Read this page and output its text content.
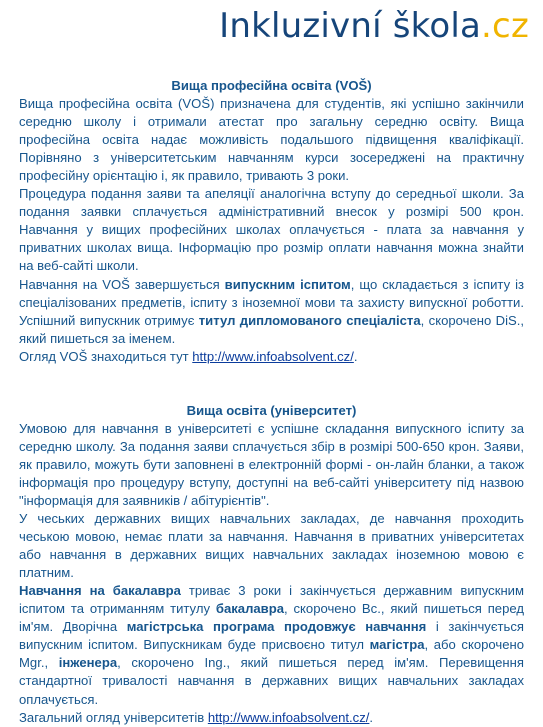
Inkluzivní škola.cz
Вища професійна освіта (VOŠ)

Вища професійна освіта (VOŠ) призначена для студентів, які успішно закінчили середню школу і отримали атестат про загальну середню освіту. Вища професійна освіта надає можливість подальшого підвищення кваліфікації. Порівняно з університетським навчанням курси зосереджені на практичну професійну орієнтацію і, як правило, тривають 3 роки.

Процедура подання заяви та апеляції аналогічна вступу до середньої школи. За подання заявки сплачується адміністративний внесок у розмірі 500 крон. Навчання у вищих професійних школах оплачується - плата за навчання у приватних школах вища. Інформацію про розмір оплати навчання можна знайти на веб-сайті школи.

Навчання на VOŠ завершується випускним іспитом, що складається з іспиту із спеціалізованих предметів, іспиту з іноземної мови та захисту випускної роботти. Успішний випускник отримує титул дипломованого спеціаліста, скорочено DiS., який пишеться за іменем.

Огляд VOŠ знаходиться тут http://www.infoabsolvent.cz/.

Вища освіта (університет)

Умовою для навчання в університеті є успішне складання випускного іспиту за середню школу. За подання заяви сплачується збір в розмірі 500-650 крон. Заяви, як правило, можуть бути заповнені в електронній формі - он-лайн бланки, а також інформація про процедуру вступу, доступні на веб-сайті університету під назвою "інформація для заявників / абітурієнтів".

У чеських державних вищих навчальних закладах, де навчання проходить чеською мовою, немає плати за навчання. Навчання в приватних університетах або навчання в державних вищих навчальних закладах іноземною мовою є платним.

Навчання на бакалавра триває 3 роки і закінчується державним випускним іспитом та отриманням титулу бакалавра, скорочено Bc., який пишеться перед ім'ям. Дворічна магістрська програма продовжує навчання і закінчується випускним іспитом. Випускникам буде присвоєно титул магістра, або скорочено Mgr., інженера, скорочено Ing., який пишеться перед ім'ям. Перевищення стандартної тривалості навчання в державних вищих навчальних закладах оплачується.

Загальний огляд університетів http://www.infoabsolvent.cz/.
